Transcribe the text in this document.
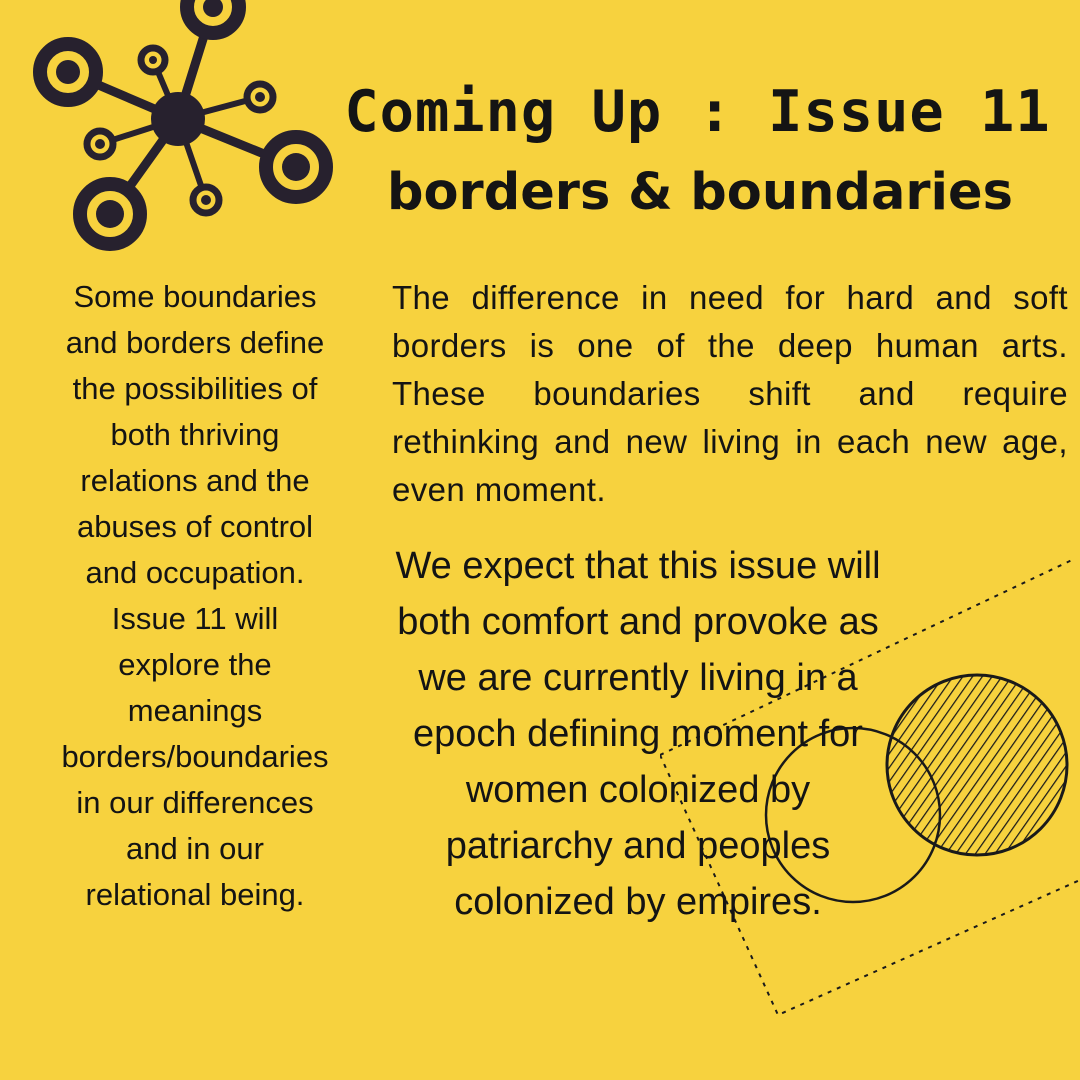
Coming Up : Issue 11
borders & boundaries
Some boundaries and borders define the possibilities of both thriving relations and the abuses of control and occupation. Issue 11 will explore the meanings borders/boundaries in our differences and in our relational being.
The difference in need for hard and soft borders is one of the deep human arts. These boundaries shift and require rethinking and new living in each new age, even moment.
We expect that this issue will both comfort and provoke as we are currently living in a epoch defining moment for women colonized by patriarchy and peoples colonized by empires.
